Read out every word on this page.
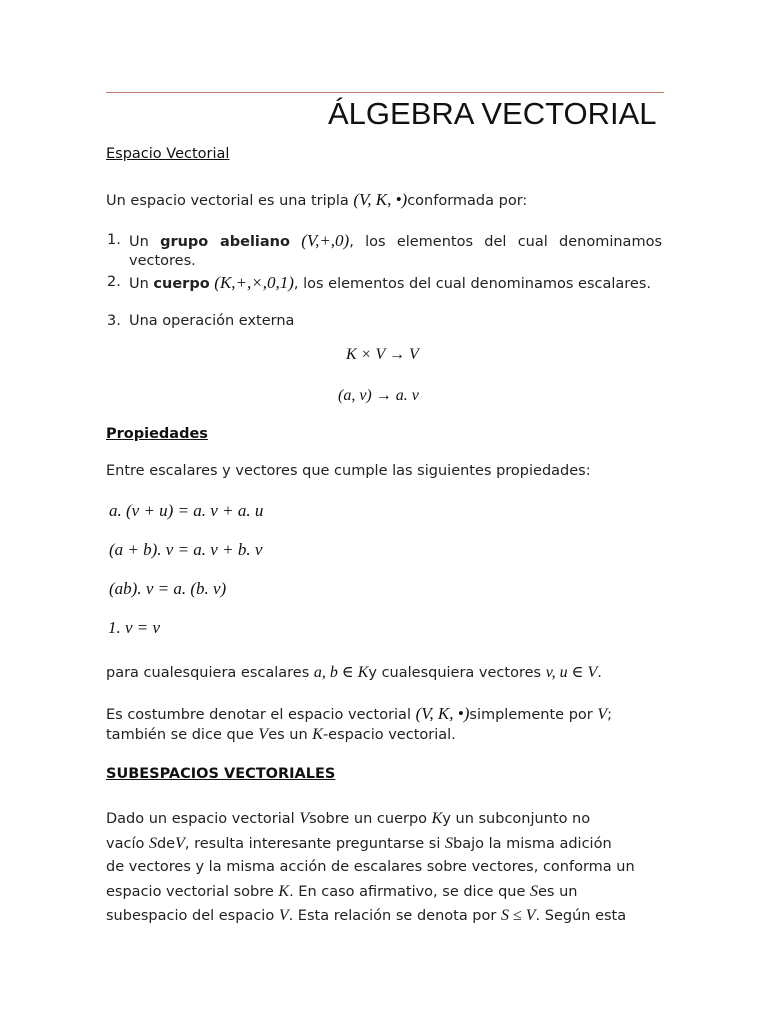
ÁLGEBRA VECTORIAL
Espacio Vectorial
Un espacio vectorial es una tripla (V, K, •)conformada por:
1. Un grupo abeliano (V,+,0), los elementos del cual denominamos vectores.
2. Un cuerpo (K,+,×,0,1), los elementos del cual denominamos escalares.
3. Una operación externa
K × V → V
(a, v) → a. v
Propiedades
Entre escalares y vectores que cumple las siguientes propiedades:
a. (v + u) = a. v + a. u
(a + b). v = a. v + b. v
(ab). v = a. (b. v)
1. v = v
para cualesquiera escalares a, b ∈ Ky cualesquiera vectores v, u ∈ V.
Es costumbre denotar el espacio vectorial (V, K, •)simplemente por V;
también se dice que Ves un K-espacio vectorial.
SUBESPACIOS VECTORIALES
Dado un espacio vectorial Vsobre un cuerpo Ky un subconjunto no
vacío SdeV, resulta interesante preguntarse si Sbajo la misma adición
de vectores y la misma acción de escalares sobre vectores, conforma un
espacio vectorial sobre K. En caso afirmativo, se dice que Ses un
subespacio del espacio V. Esta relación se denota por S ≤ V. Según esta
